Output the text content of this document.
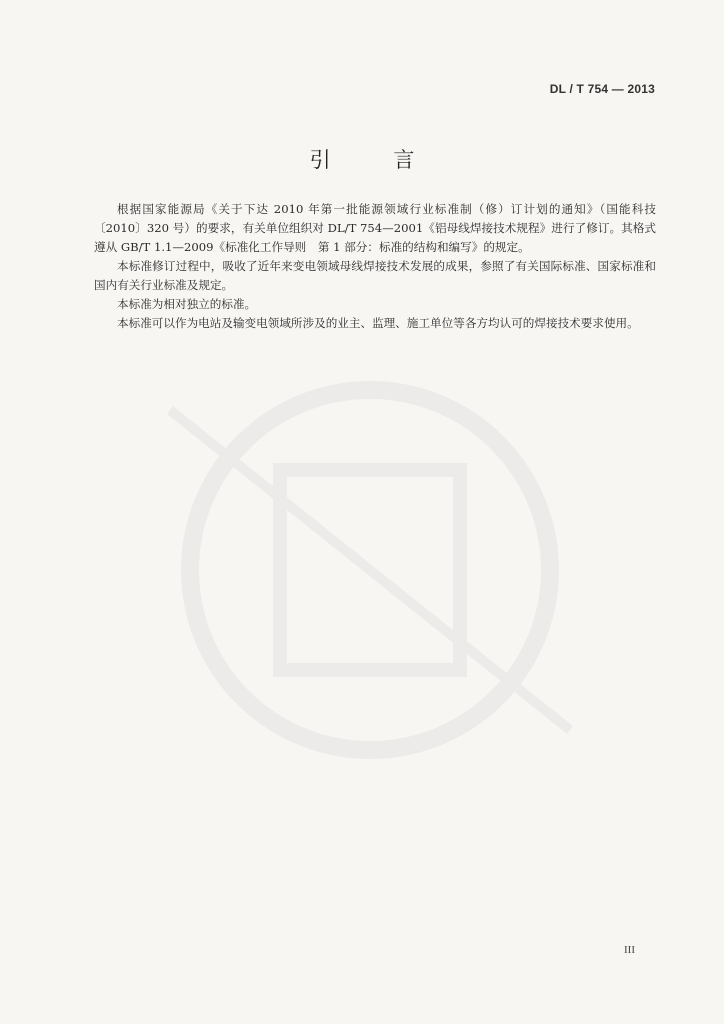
DL / T 754 — 2013
引 言

根据国家能源局《关于下达 2010 年第一批能源领域行业标准制（修）订计划的通知》（国能科技〔2010〕320 号）的要求，有关单位组织对 DL/T 754—2001《铝母线焊接技术规程》进行了修订。其格式遵从 GB/T 1.1—2009《标准化工作导则　第 1 部分：标准的结构和编写》的规定。

本标准修订过程中，吸收了近年来变电领域母线焊接技术发展的成果，参照了有关国际标准、国家标准和国内有关行业标准及规定。

本标准为相对独立的标准。

本标准可以作为电站及输变电领域所涉及的业主、监理、施工单位等各方均认可的焊接技术要求使用。

III
